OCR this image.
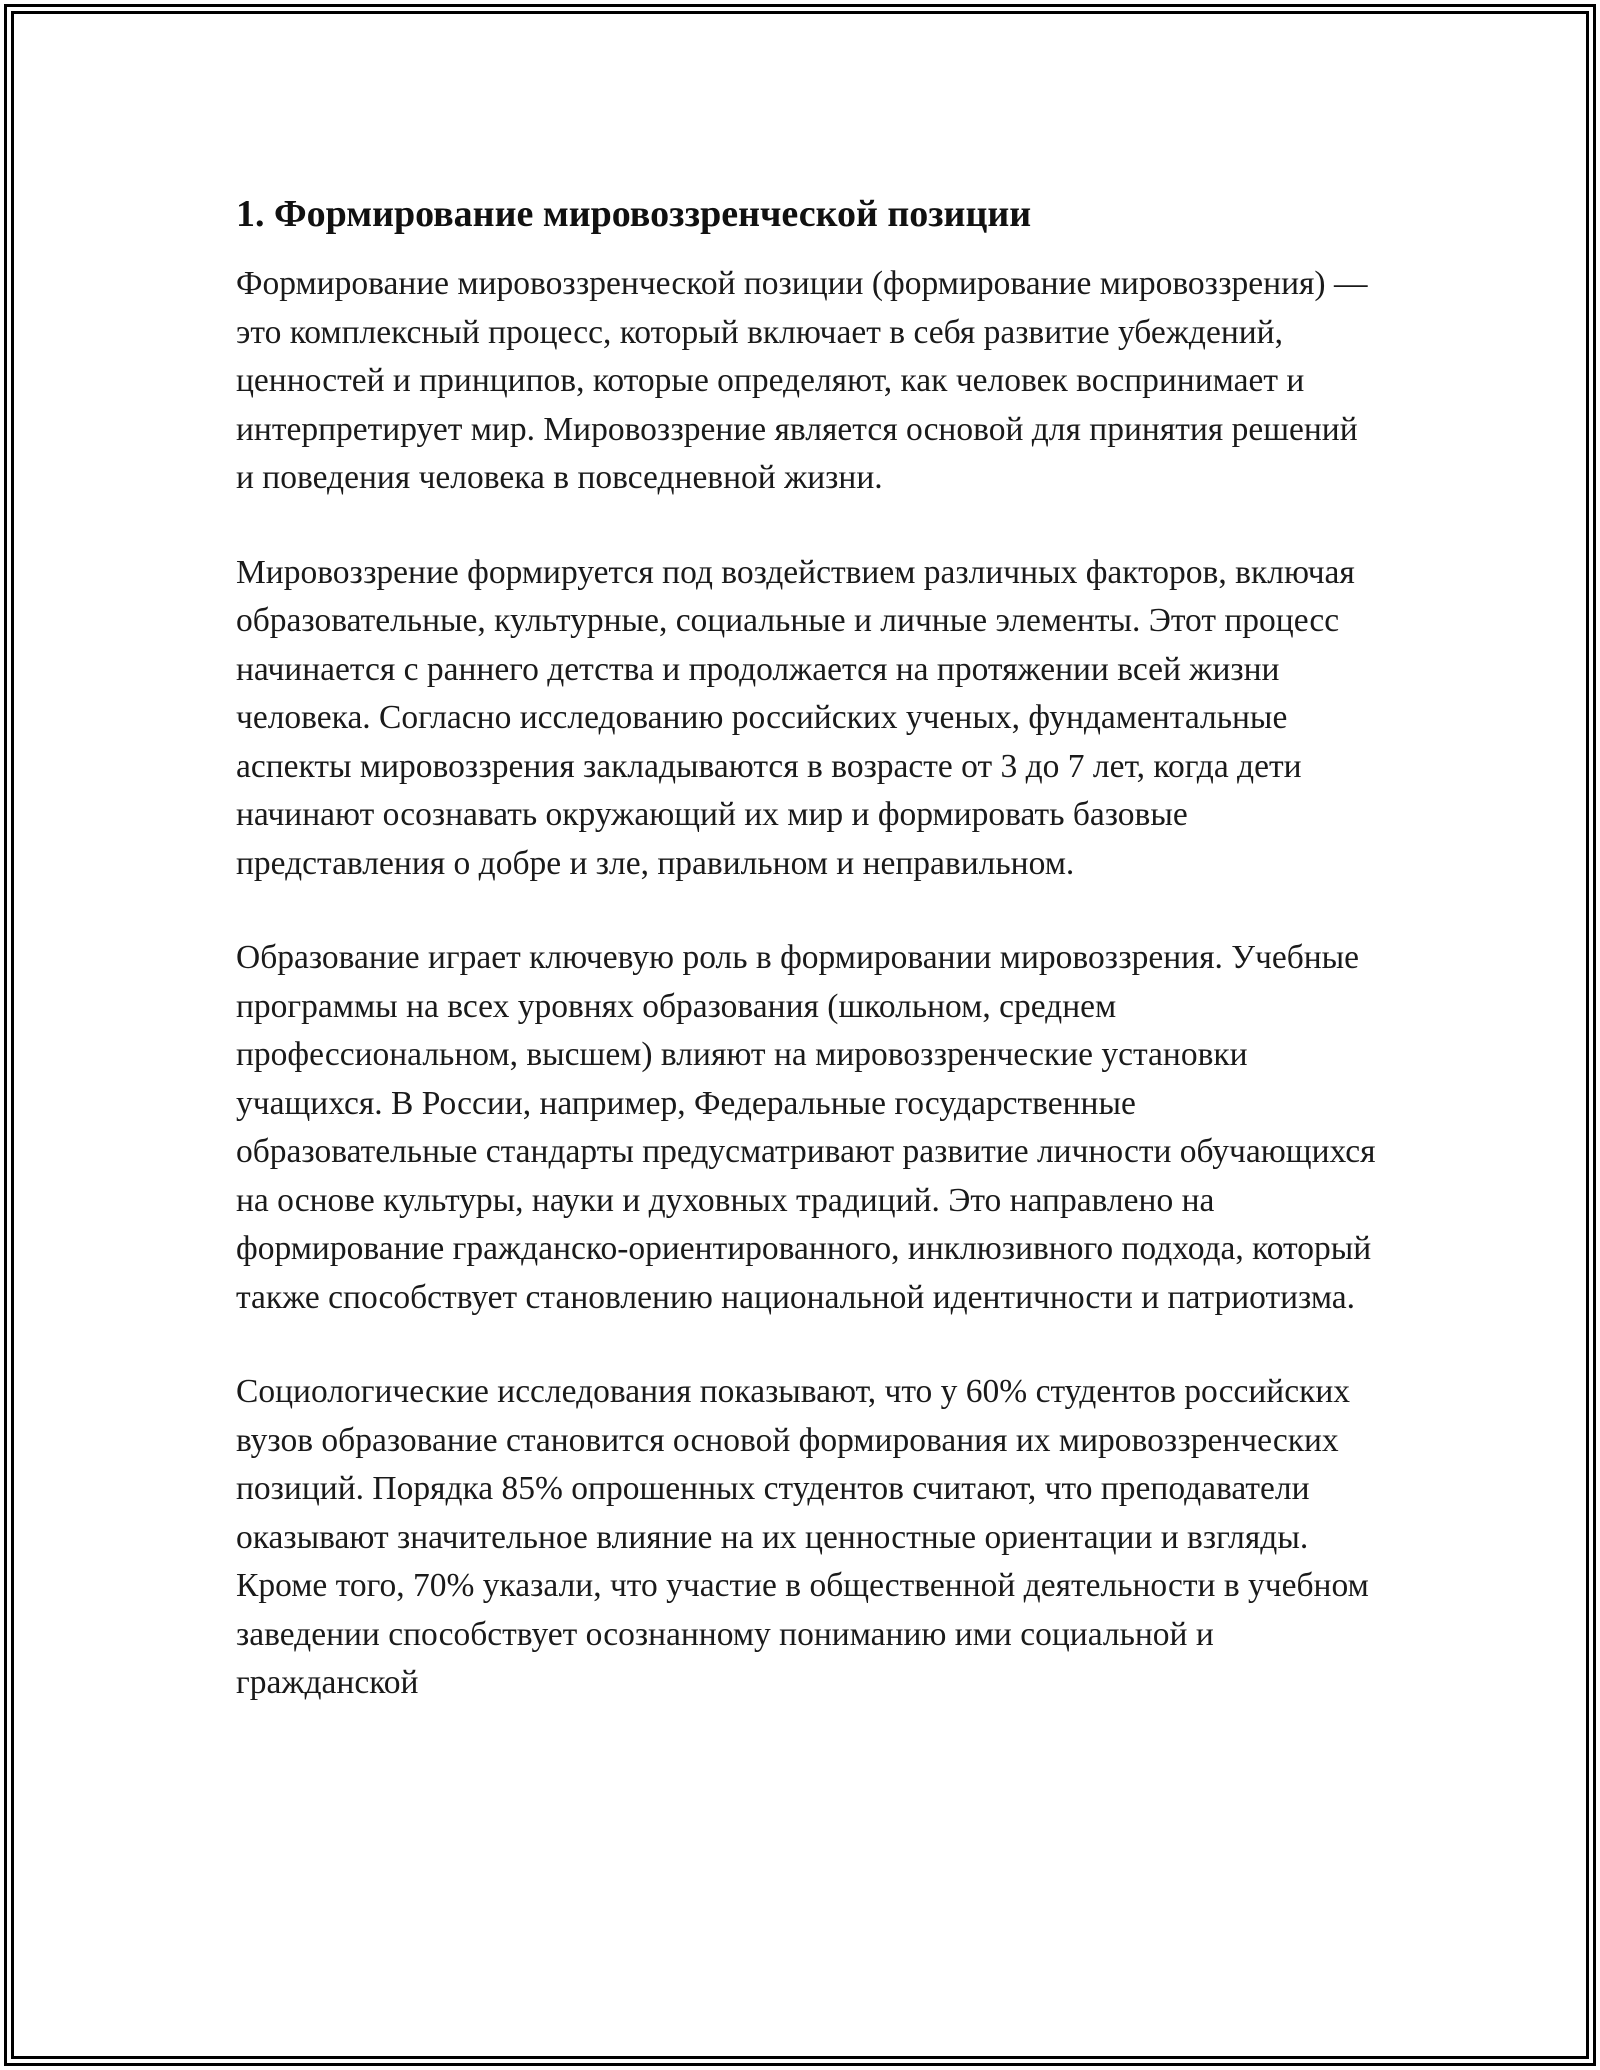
1. Формирование мировоззренческой позиции

Формирование мировоззренческой позиции (формирование мировоззрения) — это комплексный процесс, который включает в себя развитие убеждений, ценностей и принципов, которые определяют, как человек воспринимает и интерпретирует мир. Мировоззрение является основой для принятия решений и поведения человека в повседневной жизни.

Мировоззрение формируется под воздействием различных факторов, включая образовательные, культурные, социальные и личные элементы. Этот процесс начинается с раннего детства и продолжается на протяжении всей жизни человека. Согласно исследованию российских ученых, фундаментальные аспекты мировоззрения закладываются в возрасте от 3 до 7 лет, когда дети начинают осознавать окружающий их мир и формировать базовые представления о добре и зле, правильном и неправильном.

Образование играет ключевую роль в формировании мировоззрения. Учебные программы на всех уровнях образования (школьном, среднем профессиональном, высшем) влияют на мировоззренческие установки учащихся. В России, например, Федеральные государственные образовательные стандарты предусматривают развитие личности обучающихся на основе культуры, науки и духовных традиций. Это направлено на формирование гражданско-ориентированного, инклюзивного подхода, который также способствует становлению национальной идентичности и патриотизма.

Социологические исследования показывают, что у 60% студентов российских вузов образование становится основой формирования их мировоззренческих позиций. Порядка 85% опрошенных студентов считают, что преподаватели оказывают значительное влияние на их ценностные ориентации и взгляды. Кроме того, 70% указали, что участие в общественной деятельности в учебном заведении способствует осознанному пониманию ими социальной и гражданской
